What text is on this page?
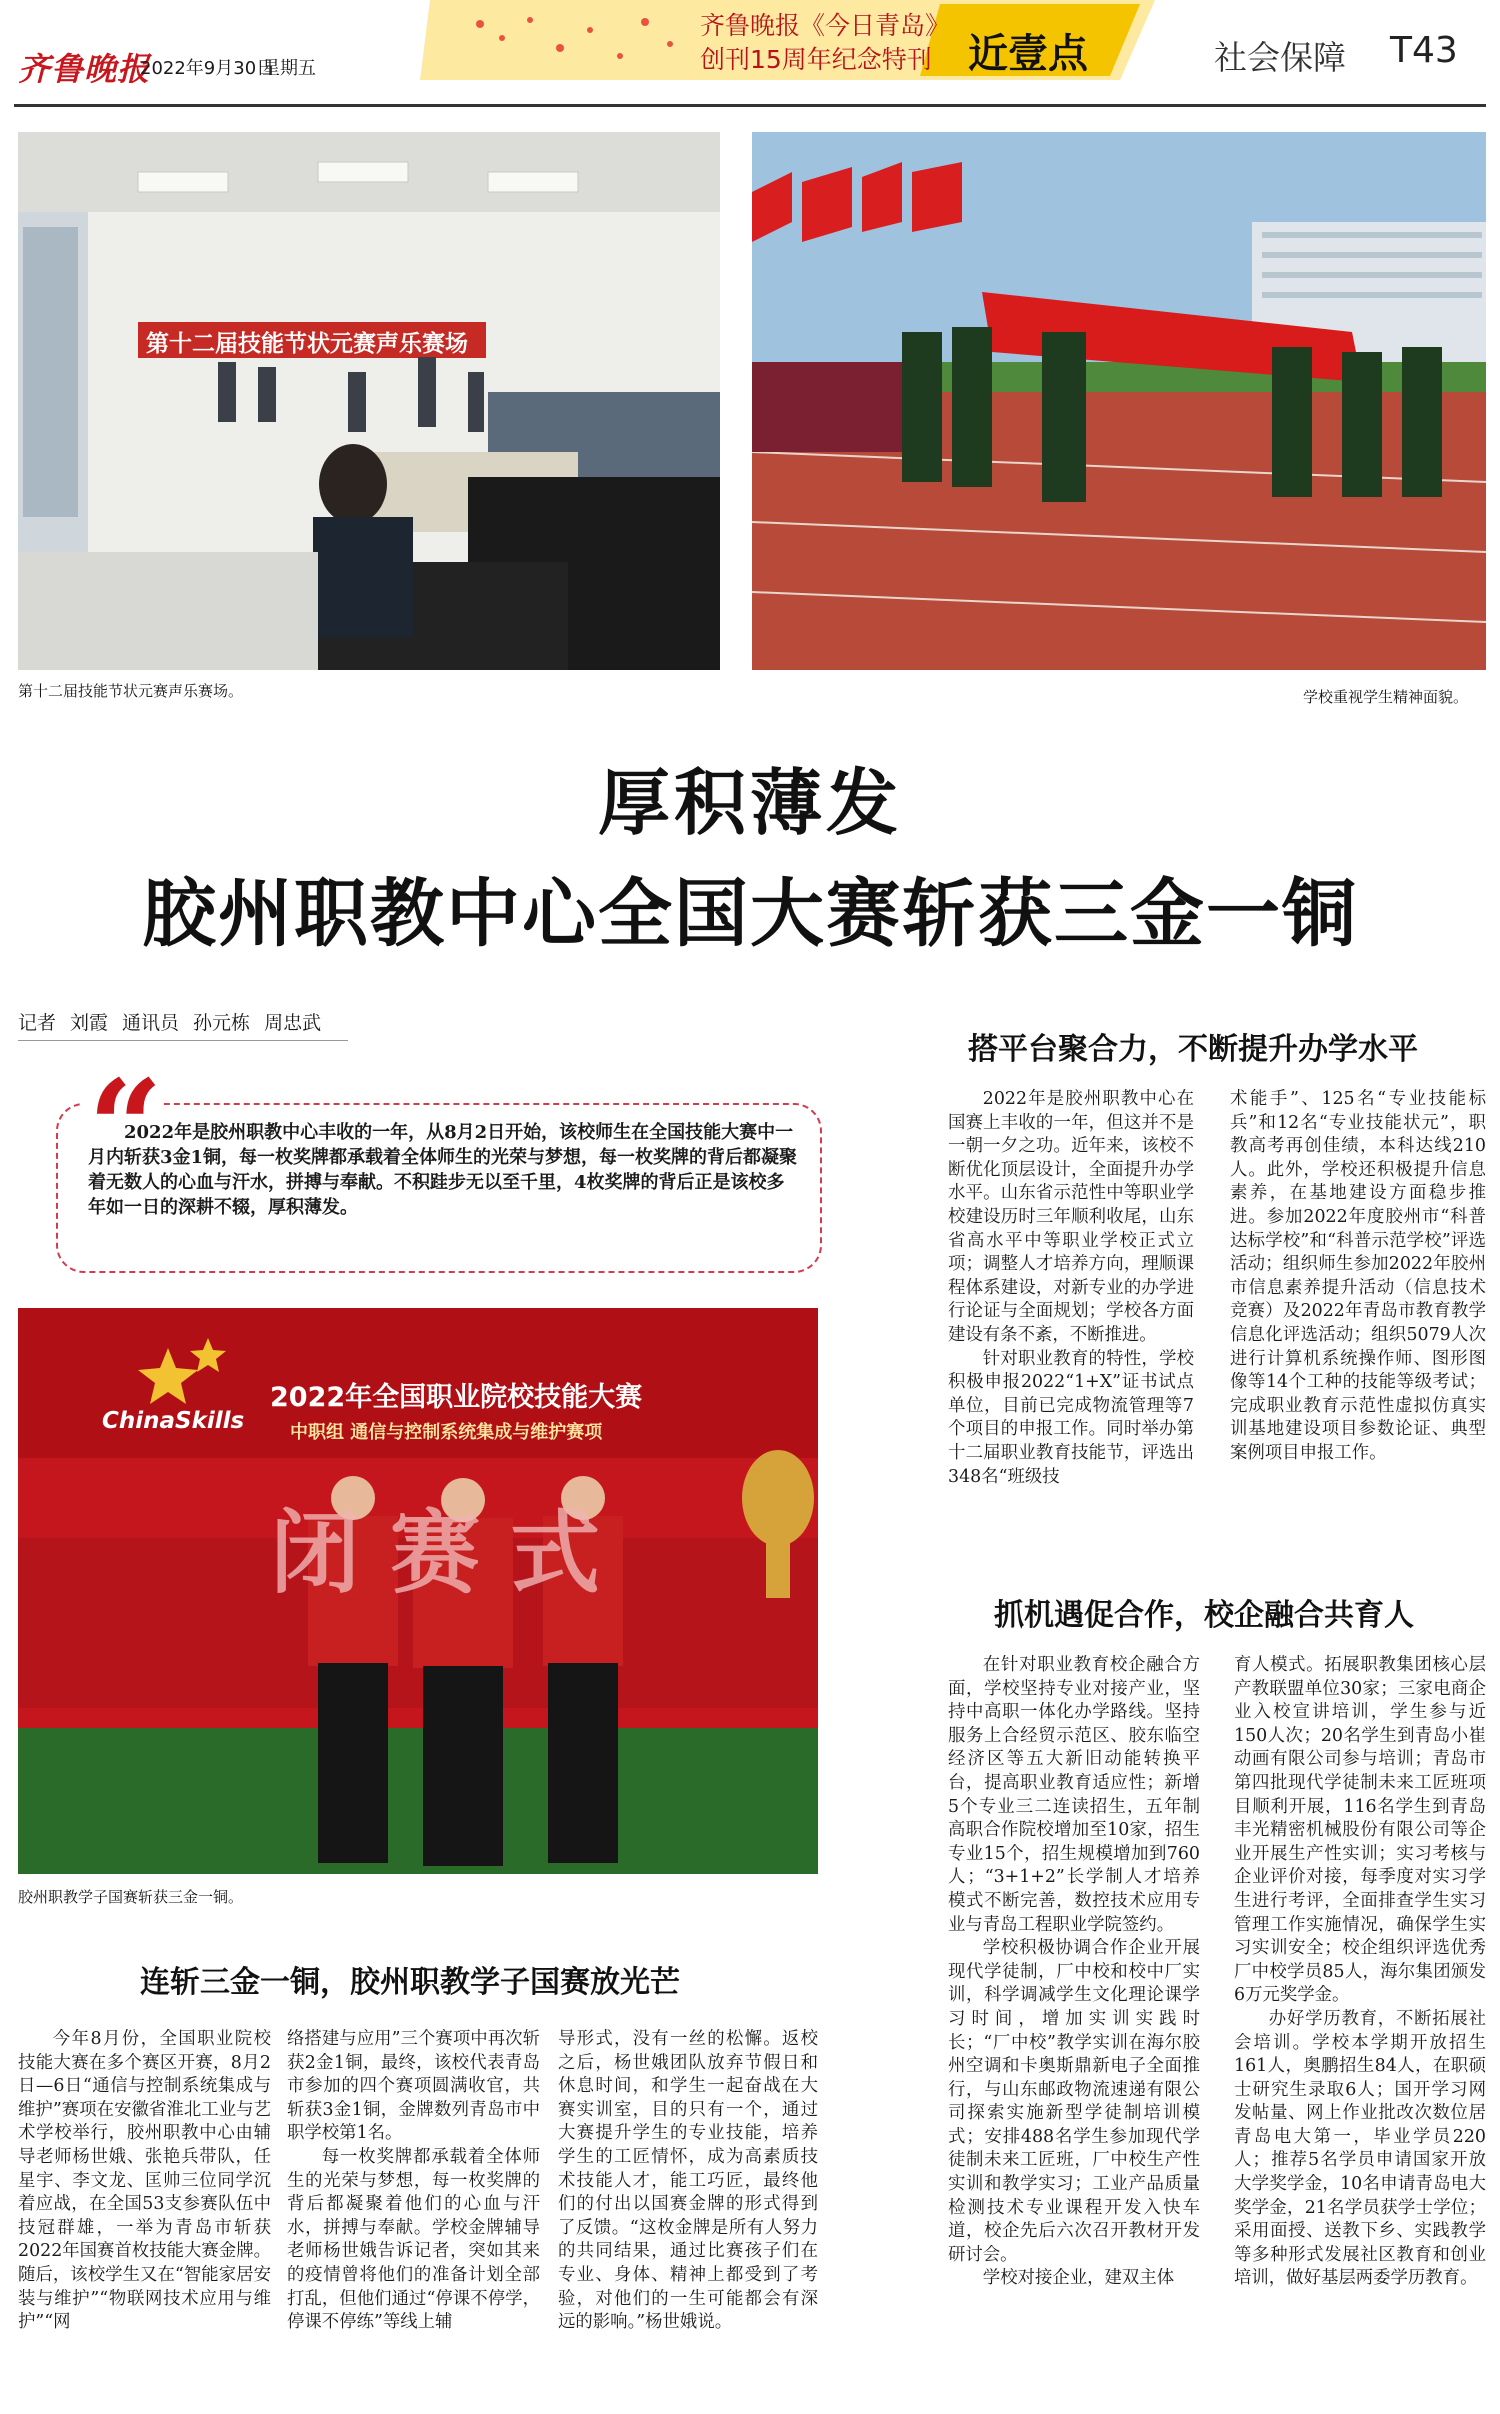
齐鲁晚报
2022年9月30日
星期五
齐鲁晚报《今日青岛》
创刊15周年纪念特刊 近壹点	社会保障 T43
第十二届技能节状元赛声乐赛场
第十二届技能节状元赛声乐赛场。	学校重视学生精神面貌。
厚积薄发
胶州职教中心全国大赛斩获三金一铜
记者 刘霞 通讯员 孙元栋 周忠武
“
2022年是胶州职教中心丰收的一年，从8月2日开始，该校师生在全国技能大赛中一月内斩获3金1铜，每一枚奖牌都承载着全体师生的光荣与梦想，每一枚奖牌的背后都凝聚着无数人的心血与汗水，拼搏与奉献。不积跬步无以至千里，4枚奖牌的背后正是该校多年如一日的深耕不辍，厚积薄发。
2022年全国职业院校技能大赛
中职组 通信与控制系统集成与维护赛项
ChinaSkills
闭赛式
胶州职教学子国赛斩获三金一铜。
连斩三金一铜，胶州职教学子国赛放光芒

今年8月份，全国职业院校技能大赛在多个赛区开赛，8月2日—6日“通信与控制系统集成与维护”赛项在安徽省淮北工业与艺术学校举行，胶州职教中心由辅导老师杨世娥、张艳兵带队，任星宇、李文龙、匡帅三位同学沉着应战，在全国53支参赛队伍中技冠群雄，一举为青岛市斩获2022年国赛首枚技能大赛金牌。随后，该校学生又在“智能家居安装与维护”“物联网技术应用与维护”“网

络搭建与应用”三个赛项中再次斩获2金1铜，最终，该校代表青岛市参加的四个赛项圆满收官，共斩获3金1铜，金牌数列青岛市中职学校第1名。

每一枚奖牌都承载着全体师生的光荣与梦想，每一枚奖牌的背后都凝聚着他们的心血与汗水，拼搏与奉献。学校金牌辅导老师杨世娥告诉记者，突如其来的疫情曾将他们的准备计划全部打乱，但他们通过“停课不停学，停课不停练”等线上辅

导形式，没有一丝的松懈。返校之后，杨世娥团队放弃节假日和休息时间，和学生一起奋战在大赛实训室，目的只有一个，通过大赛提升学生的专业技能，培养学生的工匠情怀，成为高素质技术技能人才，能工巧匠，最终他们的付出以国赛金牌的形式得到了反馈。“这枚金牌是所有人努力的共同结果，通过比赛孩子们在专业、身体、精神上都受到了考验，对他们的一生可能都会有深远的影响。”杨世娥说。

搭平台聚合力，不断提升办学水平

2022年是胶州职教中心在国赛上丰收的一年，但这并不是一朝一夕之功。近年来，该校不断优化顶层设计，全面提升办学水平。山东省示范性中等职业学校建设历时三年顺利收尾，山东省高水平中等职业学校正式立项；调整人才培养方向，理顺课程体系建设，对新专业的办学进行论证与全面规划；学校各方面建设有条不紊，不断推进。

针对职业教育的特性，学校积极申报2022“1+X”证书试点单位，目前已完成物流管理等7个项目的申报工作。同时举办第十二届职业教育技能节，评选出348名“班级技

术能手”、125名“专业技能标兵”和12名“专业技能状元”，职教高考再创佳绩，本科达线210人。此外，学校还积极提升信息素养，在基地建设方面稳步推进。参加2022年度胶州市“科普达标学校”和“科普示范学校”评选活动；组织师生参加2022年胶州市信息素养提升活动（信息技术竞赛）及2022年青岛市教育教学信息化评选活动；组织5079人次进行计算机系统操作师、图形图像等14个工种的技能等级考试；完成职业教育示范性虚拟仿真实训基地建设项目参数论证、典型案例项目申报工作。

抓机遇促合作，校企融合共育人

在针对职业教育校企融合方面，学校坚持专业对接产业，坚持中高职一体化办学路线。坚持服务上合经贸示范区、胶东临空经济区等五大新旧动能转换平台，提高职业教育适应性；新增5个专业三二连读招生，五年制高职合作院校增加至10家，招生专业15个，招生规模增加到760人；“3+1+2”长学制人才培养模式不断完善，数控技术应用专业与青岛工程职业学院签约。

学校积极协调合作企业开展现代学徒制，厂中校和校中厂实训，科学调减学生文化理论课学习时间，增加实训实践时长；“厂中校”教学实训在海尔胶州空调和卡奥斯鼎新电子全面推行，与山东邮政物流速递有限公司探索实施新型学徒制培训模式；安排488名学生参加现代学徒制未来工匠班，厂中校生产性实训和教学实习；工业产品质量检测技术专业课程开发入快车道，校企先后六次召开教材开发研讨会。

学校对接企业，建双主体

育人模式。拓展职教集团核心层产教联盟单位30家；三家电商企业入校宣讲培训，学生参与近150人次；20名学生到青岛小崔动画有限公司参与培训；青岛市第四批现代学徒制未来工匠班项目顺利开展，116名学生到青岛丰光精密机械股份有限公司等企业开展生产性实训；实习考核与企业评价对接，每季度对实习学生进行考评，全面排查学生实习管理工作实施情况，确保学生实习实训安全；校企组织评选优秀厂中校学员85人，海尔集团颁发6万元奖学金。

办好学历教育，不断拓展社会培训。学校本学期开放招生161人，奥鹏招生84人，在职硕士研究生录取6人；国开学习网发帖量、网上作业批改次数位居青岛电大第一，毕业学员220人；推荐5名学员申请国家开放大学奖学金，10名申请青岛电大奖学金，21名学员获学士学位；采用面授、送教下乡、实践教学等多种形式发展社区教育和创业培训，做好基层两委学历教育。
